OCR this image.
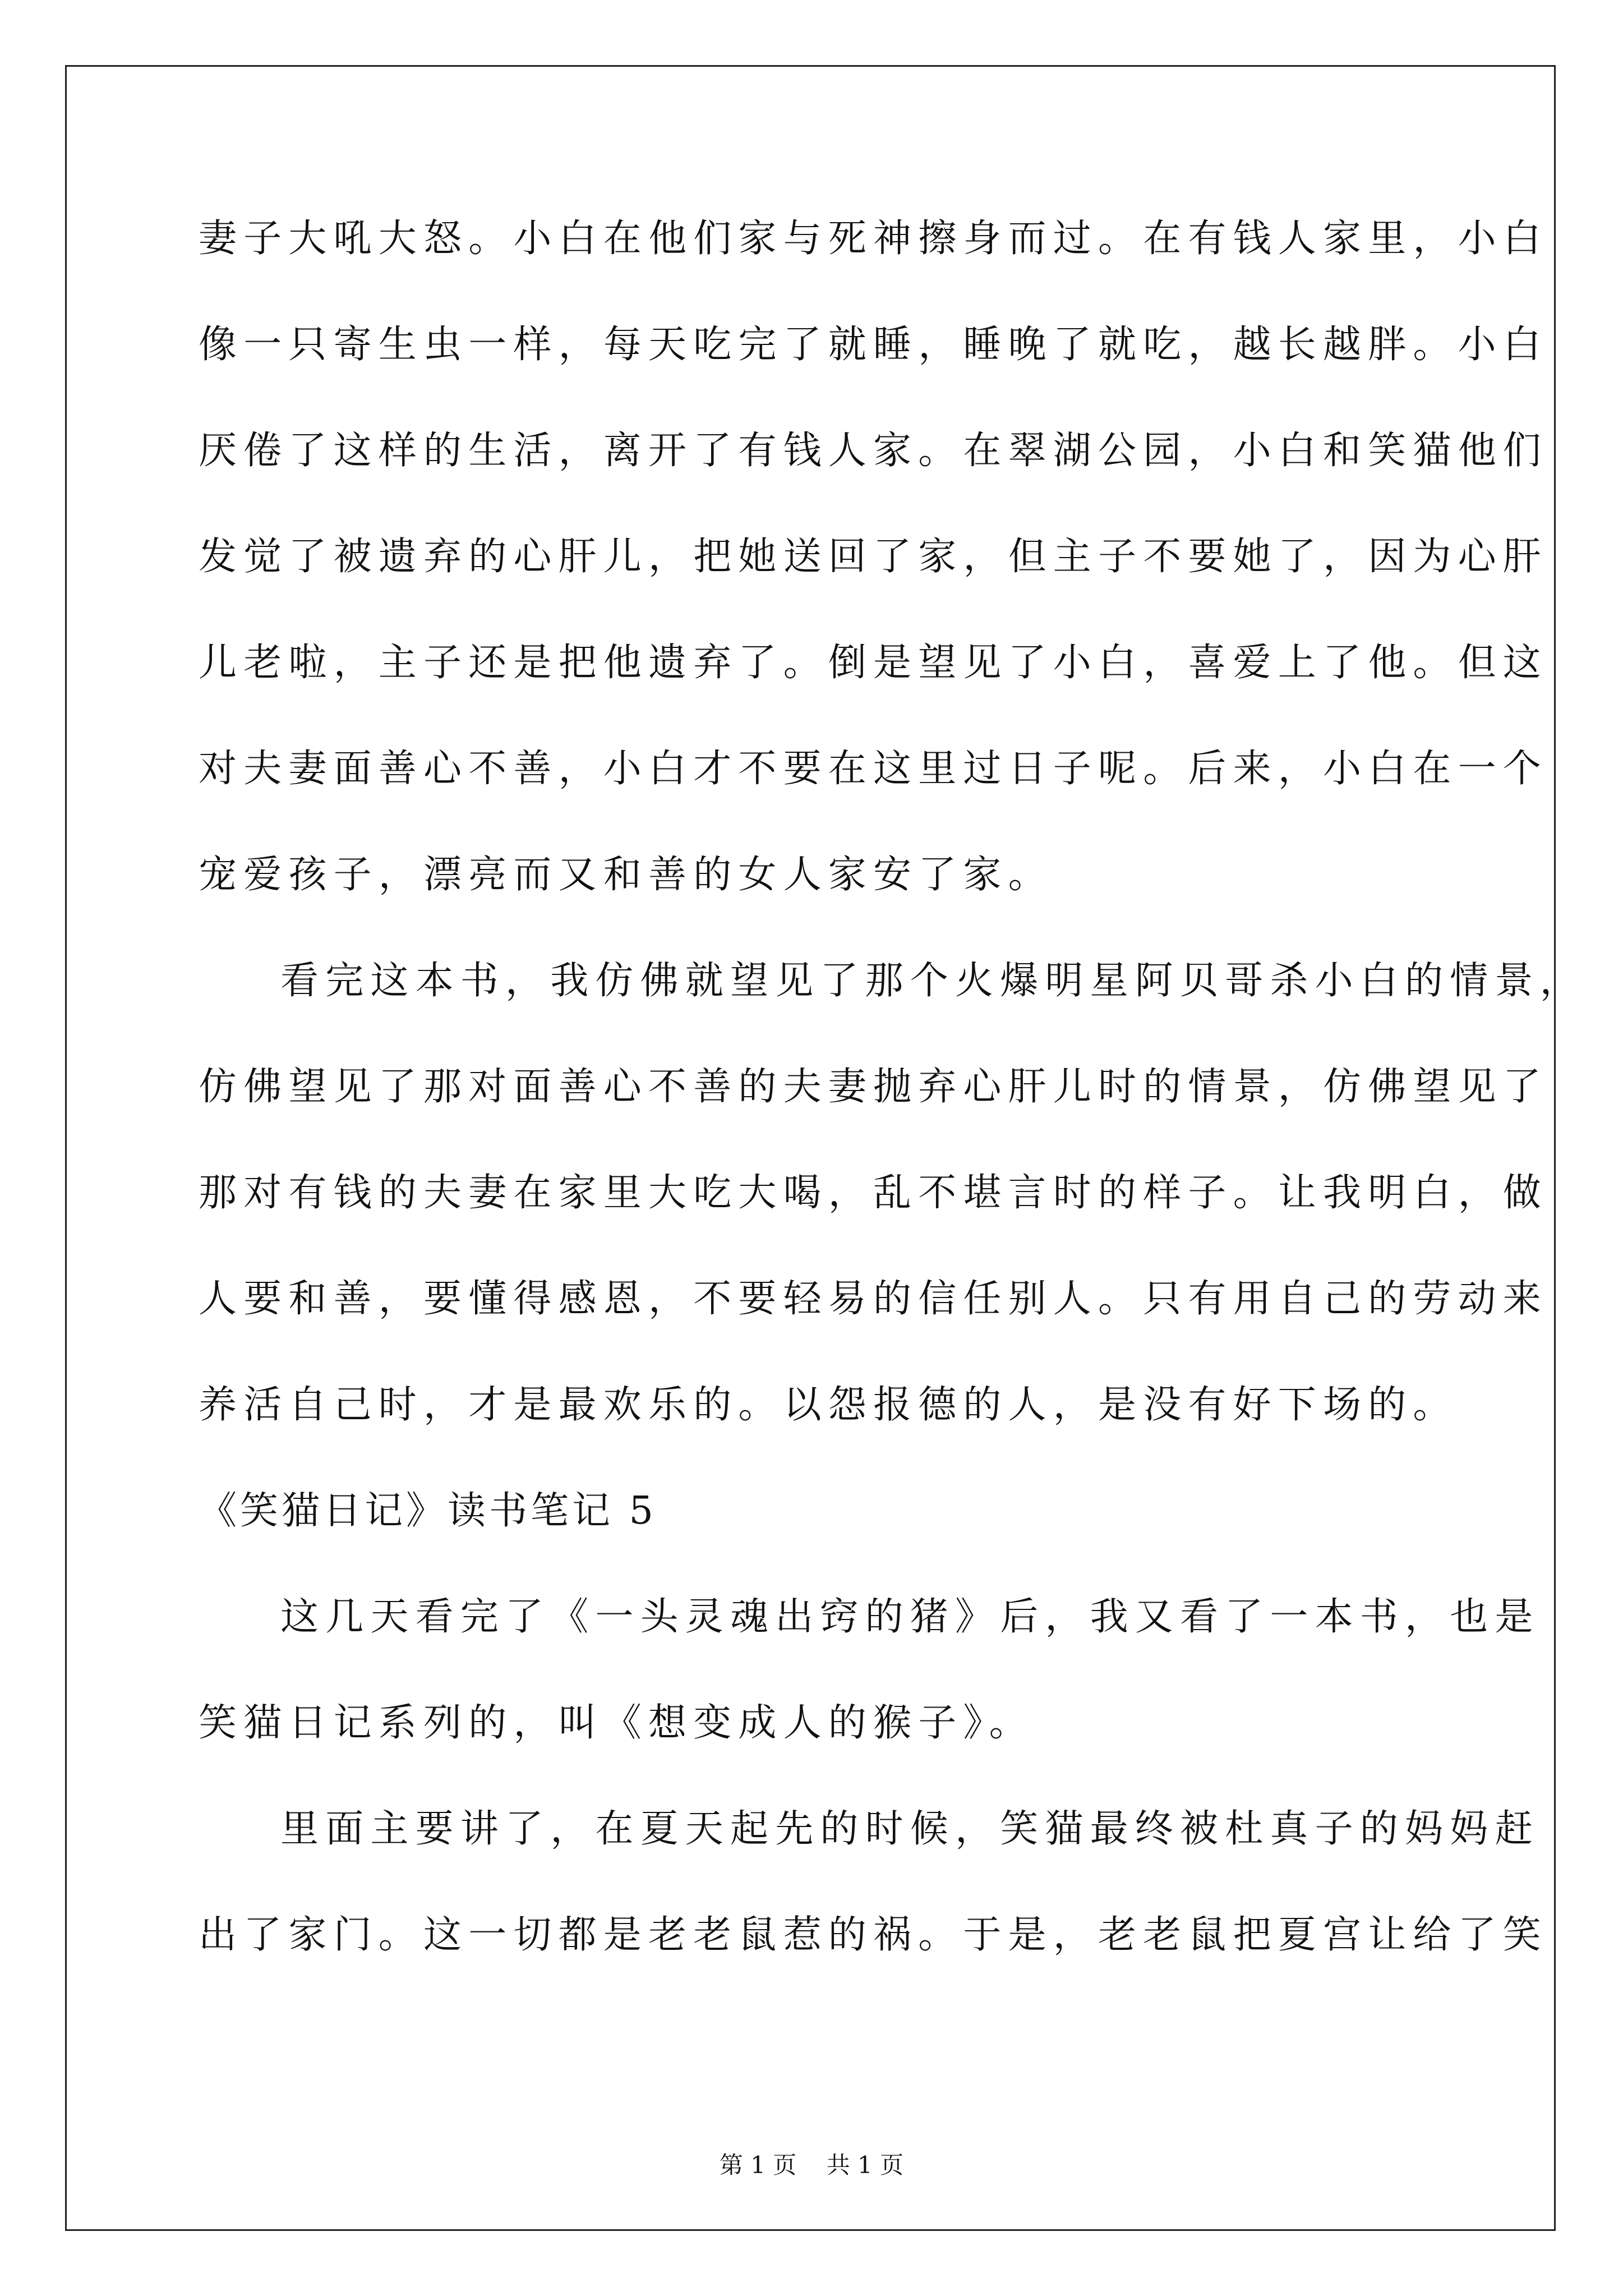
妻子大吼大怒。小白在他们家与死神擦身而过。在有钱人家里，小白
像一只寄生虫一样，每天吃完了就睡，睡晚了就吃，越长越胖。小白
厌倦了这样的生活，离开了有钱人家。在翠湖公园，小白和笑猫他们
发觉了被遗弃的心肝儿，把她送回了家，但主子不要她了，因为心肝
儿老啦，主子还是把他遗弃了。倒是望见了小白，喜爱上了他。但这
对夫妻面善心不善，小白才不要在这里过日子呢。后来，小白在一个
宠爱孩子，漂亮而又和善的女人家安了家。
看完这本书，我仿佛就望见了那个火爆明星阿贝哥杀小白的情景，
仿佛望见了那对面善心不善的夫妻抛弃心肝儿时的情景，仿佛望见了
那对有钱的夫妻在家里大吃大喝，乱不堪言时的样子。让我明白，做
人要和善，要懂得感恩，不要轻易的信任别人。只有用自己的劳动来
养活自己时，才是最欢乐的。以怨报德的人，是没有好下场的。
《笑猫日记》读书笔记 5
这几天看完了《一头灵魂出窍的猪》后，我又看了一本书，也是
笑猫日记系列的，叫《想变成人的猴子》。
里面主要讲了，在夏天起先的时候，笑猫最终被杜真子的妈妈赶
出了家门。这一切都是老老鼠惹的祸。于是，老老鼠把夏宫让给了笑
第 1 页    共 1 页
